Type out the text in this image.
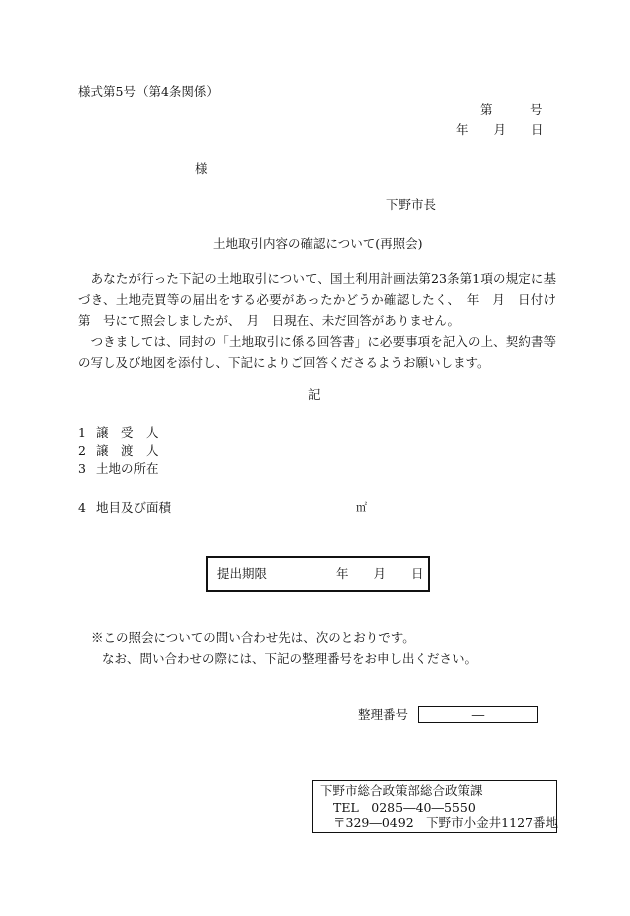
様式第5号（第4条関係）
第　　　号
年　　月　　日
様
下野市長
土地取引内容の確認について(再照会)
　あなたが行った下記の土地取引について、国土利用計画法第23条第1項の規定に基づき、土地売買等の届出をする必要があったかどうか確認したく、　年　月　日付け　第　号にて照会しましたが、　月　日現在、未だ回答がありません。
　つきましては、同封の「土地取引に係る回答書」に必要事項を記入の上、契約書等の写し及び地図を添付し、下記によりご回答くださるようお願いします。
記
1 譲　受　人
2 譲　渡　人
3 土地の所在
4 地目及び面積	㎡
提出期限	年　　月　　日
※この照会についての問い合わせ先は、次のとおりです。
なお、問い合わせの際には、下記の整理番号をお申し出ください。
整理番号	―
下野市総合政策部総合政策課
TEL　0285―40―5550
〒329―0492　下野市小金井1127番地
